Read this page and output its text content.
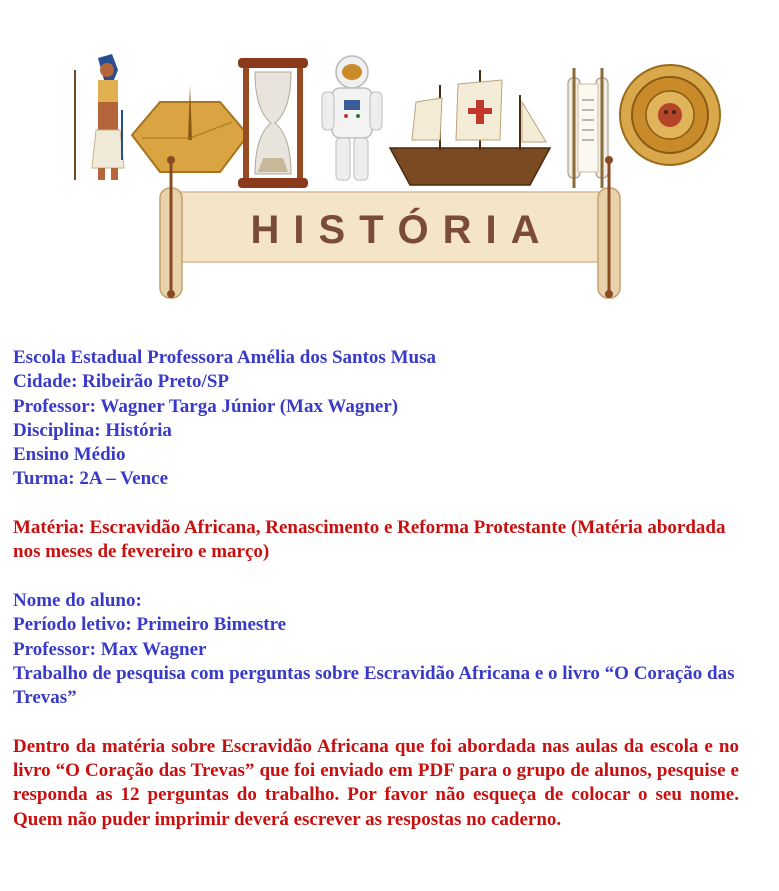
HISTÓRIA
Escola Estadual Professora Amélia dos Santos Musa
Cidade: Ribeirão Preto/SP
Professor: Wagner Targa Júnior (Max Wagner)
Disciplina: História
Ensino Médio
Turma: 2A – Vence
Matéria: Escravidão Africana, Renascimento e Reforma Protestante (Matéria abordada nos meses de fevereiro e março)
Nome do aluno:
Período letivo: Primeiro Bimestre
Professor: Max Wagner
Trabalho de pesquisa com perguntas sobre Escravidão Africana e o livro “O Coração das Trevas”
Dentro da matéria sobre Escravidão Africana que foi abordada nas aulas da escola e no livro “O Coração das Trevas” que foi enviado em PDF para o grupo de alunos, pesquise e responda as 12 perguntas do trabalho. Por favor não esqueça de colocar o seu nome. Quem não puder imprimir deverá escrever as respostas no caderno.
